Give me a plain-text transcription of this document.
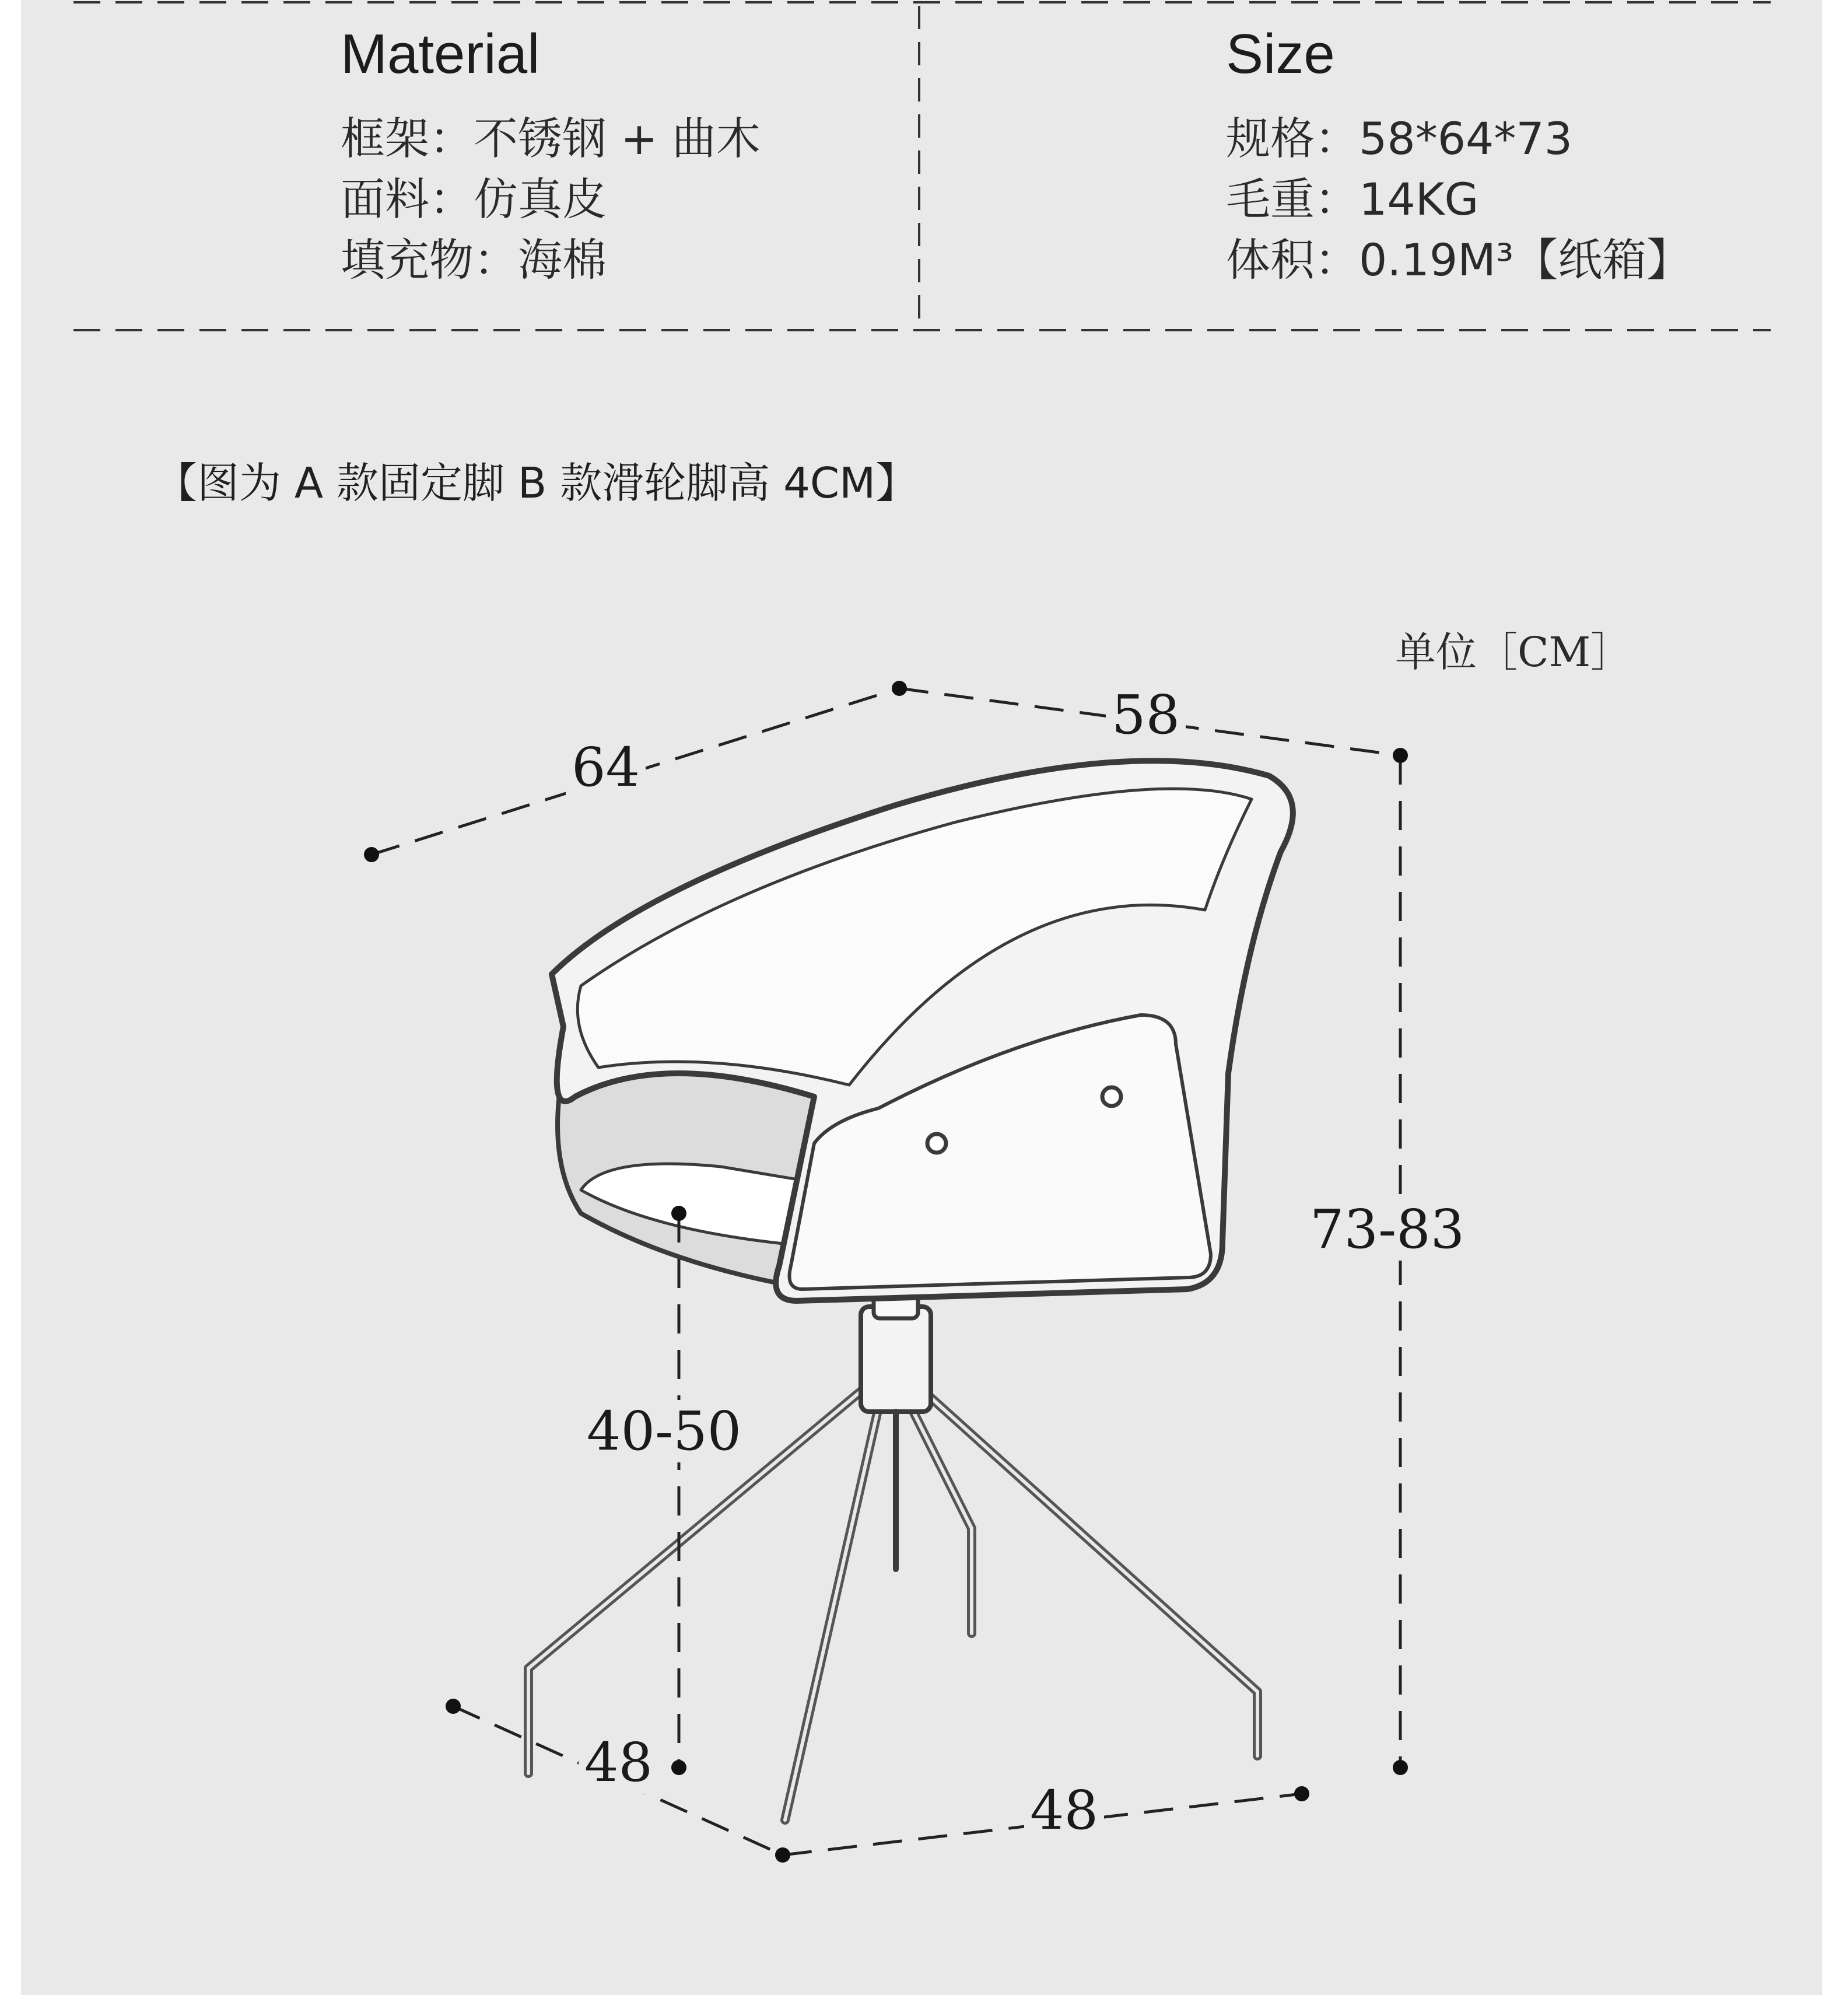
Material
框架：不锈钢 + 曲木
面料：仿真皮
填充物：海棉
Size
规格：58*64*73
毛重：14KG
体积：0.19M³【纸箱】
【图为 A 款固定脚 B 款滑轮脚高 4CM】
单位［CM］
64
58
73-83
40-50
48
48
